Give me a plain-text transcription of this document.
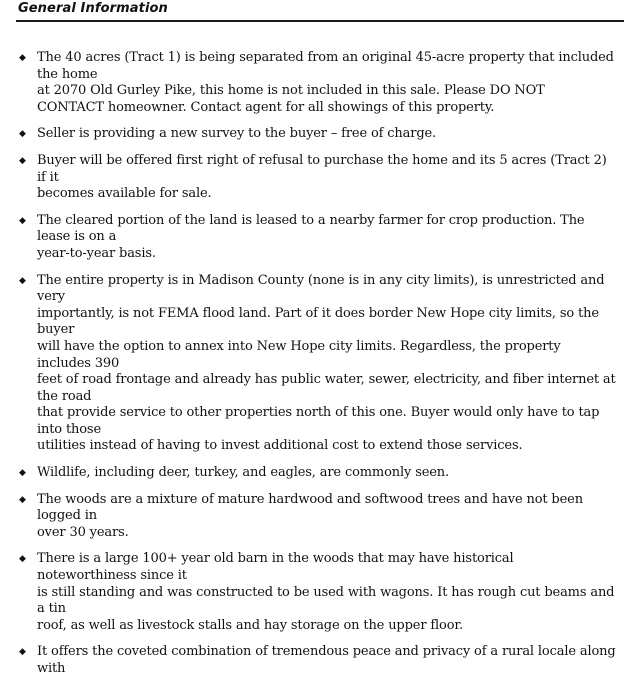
General Information
◆ The 40 acres (Tract 1) is being separated from an original 45-acre property that included the home
at 2070 Old Gurley Pike, this home is not included in this sale. Please DO NOT
CONTACT homeowner. Contact agent for all showings of this property.
◆ Seller is providing a new survey to the buyer – free of charge.
◆ Buyer will be offered first right of refusal to purchase the home and its 5 acres (Tract 2) if it
becomes available for sale.
◆ The cleared portion of the land is leased to a nearby farmer for crop production. The lease is on a
year-to-year basis.
◆ The entire property is in Madison County (none is in any city limits), is unrestricted and very
importantly, is not FEMA flood land. Part of it does border New Hope city limits, so the buyer
will have the option to annex into New Hope city limits. Regardless, the property includes 390
feet of road frontage and already has public water, sewer, electricity, and fiber internet at the road
that provide service to other properties north of this one. Buyer would only have to tap into those
utilities instead of having to invest additional cost to extend those services.
◆ Wildlife, including deer, turkey, and eagles, are commonly seen.
◆ The woods are a mixture of mature hardwood and softwood trees and have not been logged in
over 30 years.
◆ There is a large 100+ year old barn in the woods that may have historical noteworthiness since it
is still standing and was constructed to be used with wagons. It has rough cut beams and a tin
roof, as well as livestock stalls and hay storage on the upper floor.
◆ It offers the coveted combination of tremendous peace and privacy of a rural locale along with
